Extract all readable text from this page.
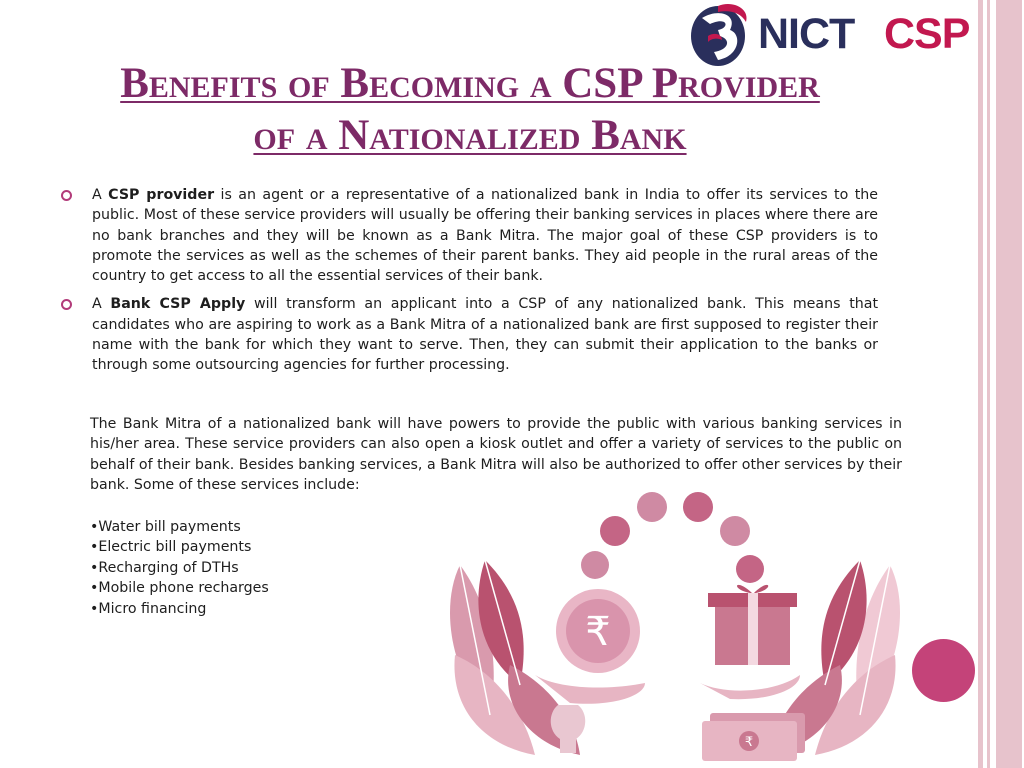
NICT CSP
Benefits of Becoming a CSP Provider
of a Nationalized Bank
A CSP provider is an agent or a representative of a nationalized bank in India to offer its services to the public. Most of these service providers will usually be offering their banking services in places where there are no bank branches and they will be known as a Bank Mitra. The major goal of these CSP providers is to promote the services as well as the schemes of their parent banks. They aid people in the rural areas of the country to get access to all the essential services of their bank.
A Bank CSP Apply will transform an applicant into a CSP of any nationalized bank. This means that candidates who are aspiring to work as a Bank Mitra of a nationalized bank are first supposed to register their name with the bank for which they want to serve. Then, they can submit their application to the banks or through some outsourcing agencies for further processing.
The Bank Mitra of a nationalized bank will have powers to provide the public with various banking services in his/her area. These service providers can also open a kiosk outlet and offer a variety of services to the public on behalf of their bank. Besides banking services, a Bank Mitra will also be authorized to offer other services by their bank. Some of these services include:
•Water bill payments
•Electric bill payments
•Recharging of DTHs
•Mobile phone recharges
•Micro financing
₹
₹
